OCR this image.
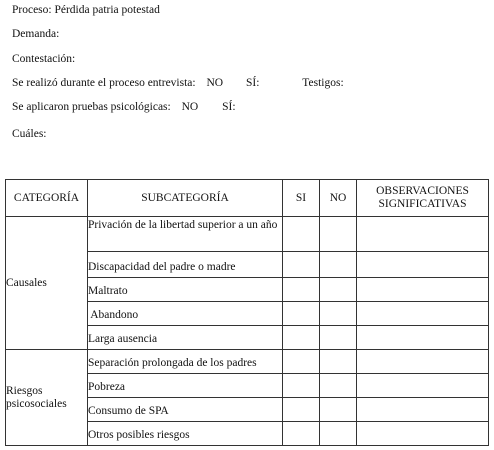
Proceso: Pérdida patria potestad
Demanda:
Contestación:
Se realizó durante el proceso entrevista: NO SÍ:	Testigos:
Se aplicaron pruebas psicológicas: NO SÍ:
Cuáles:
CATEGORÍA	SUBCATEGORÍA	SI	NO	OBSERVACIONES SIGNIFICATIVAS
Causales	Privación de la libertad superior a un año			
	Discapacidad del padre o madre			
	Maltrato			
	Abandono			
	Larga ausencia			
Riesgos psicosociales	Separación prolongada de los padres			
	Pobreza			
	Consumo de SPA			
	Otros posibles riesgos			
